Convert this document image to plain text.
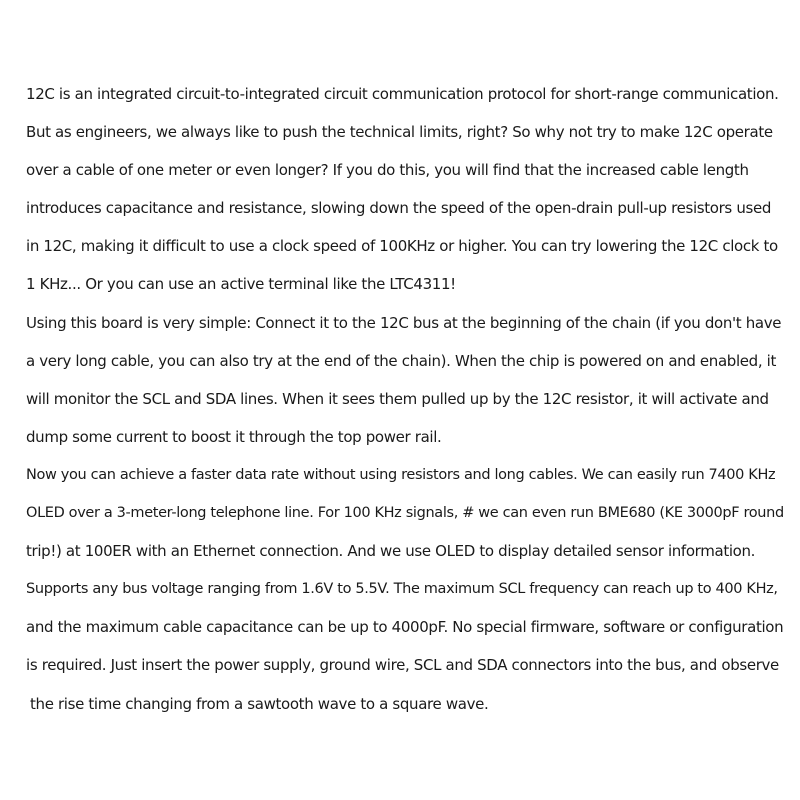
12C is an integrated circuit-to-integrated circuit communication protocol for short-range communication.
But as engineers, we always like to push the technical limits, right? So why not try to make 12C operate
over a cable of one meter or even longer? If you do this, you will find that the increased cable length
introduces capacitance and resistance, slowing down the speed of the open-drain pull-up resistors used
in 12C, making it difficult to use a clock speed of 100KHz or higher. You can try lowering the 12C clock to
1 KHz... Or you can use an active terminal like the LTC4311!
Using this board is very simple: Connect it to the 12C bus at the beginning of the chain (if you don't have
a very long cable, you can also try at the end of the chain). When the chip is powered on and enabled, it
will monitor the SCL and SDA lines. When it sees them pulled up by the 12C resistor, it will activate and
dump some current to boost it through the top power rail.
Now you can achieve a faster data rate without using resistors and long cables. We can easily run 7400 KHz
OLED over a 3-meter-long telephone line. For 100 KHz signals, # we can even run BME680 (KE 3000pF round
trip!) at 100ER with an Ethernet connection. And we use OLED to display detailed sensor information.
Supports any bus voltage ranging from 1.6V to 5.5V. The maximum SCL frequency can reach up to 400 KHz,
and the maximum cable capacitance can be up to 4000pF. No special firmware, software or configuration
is required. Just insert the power supply, ground wire, SCL and SDA connectors into the bus, and observe
the rise time changing from a sawtooth wave to a square wave.
